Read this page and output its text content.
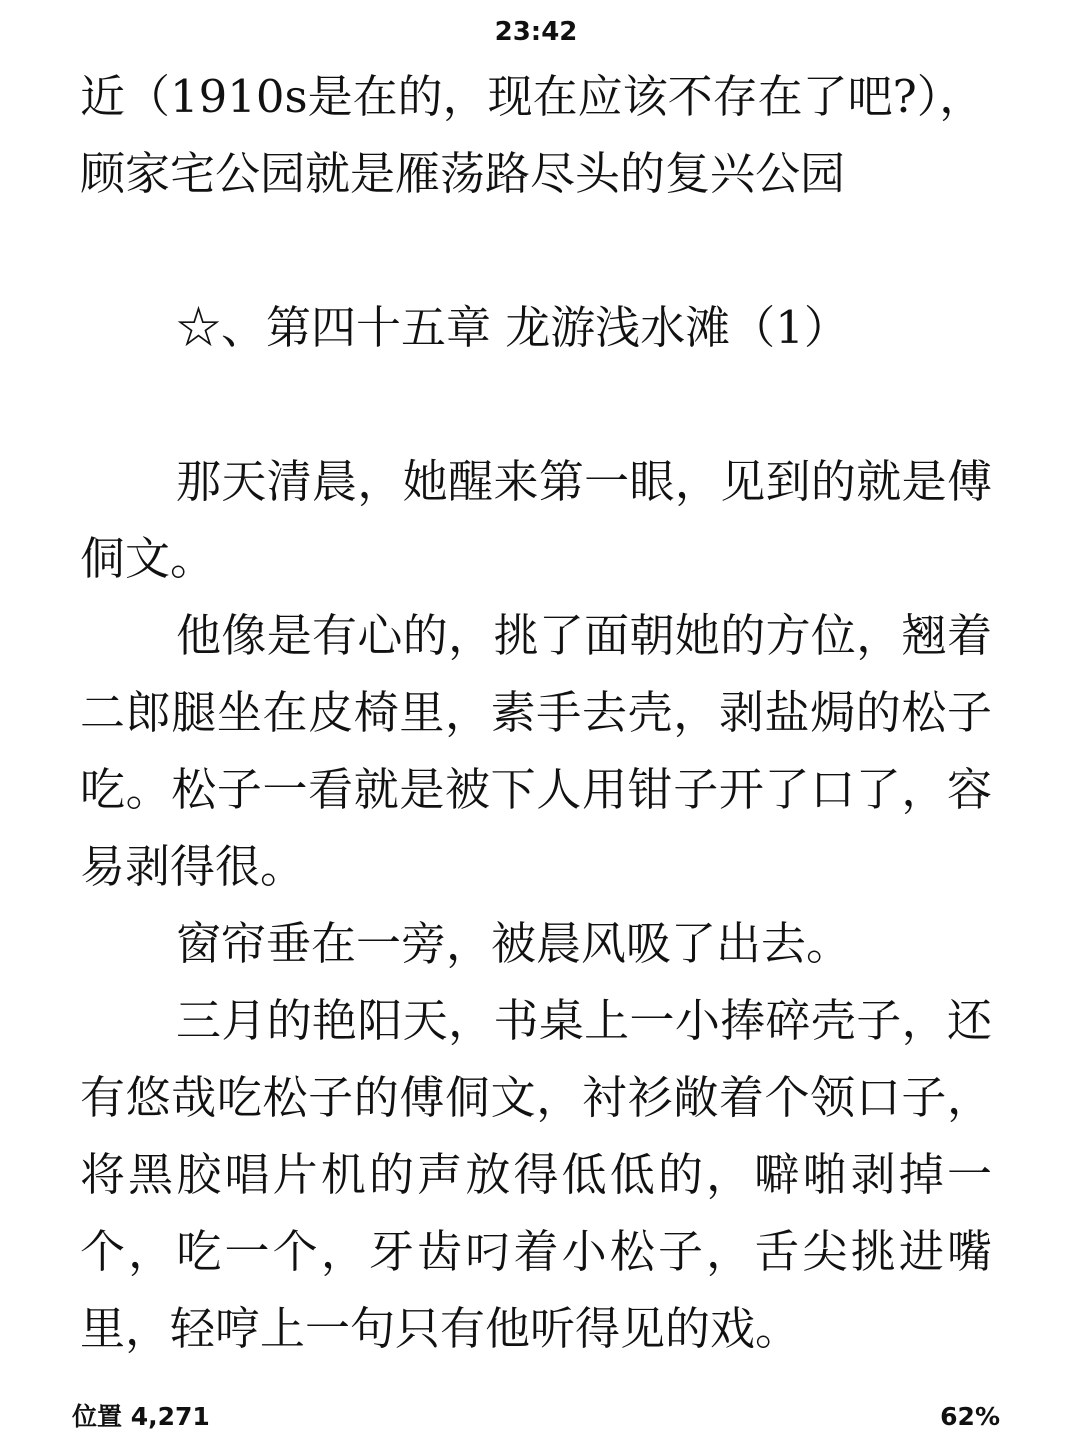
23:42

近（1910s是在的，现在应该不存在了吧?），

顾家宅公园就是雁荡路尽头的复兴公园

☆、第四十五章 龙游浅水滩（1）

那天清晨，她醒来第一眼，见到的就是傅侗文。

他像是有心的，挑了面朝她的方位，翘着二郎腿坐在皮椅里，素手去壳，剥盐焗的松子吃。松子一看就是被下人用钳子开了口了，容易剥得很。

窗帘垂在一旁，被晨风吸了出去。

三月的艳阳天，书桌上一小捧碎壳子，还有悠哉吃松子的傅侗文，衬衫敞着个领口子，将黑胶唱片机的声放得低低的，噼啪剥掉一个，吃一个，牙齿叼着小松子，舌尖挑进嘴里，轻哼上一句只有他听得见的戏。

位置 4,271	62%
